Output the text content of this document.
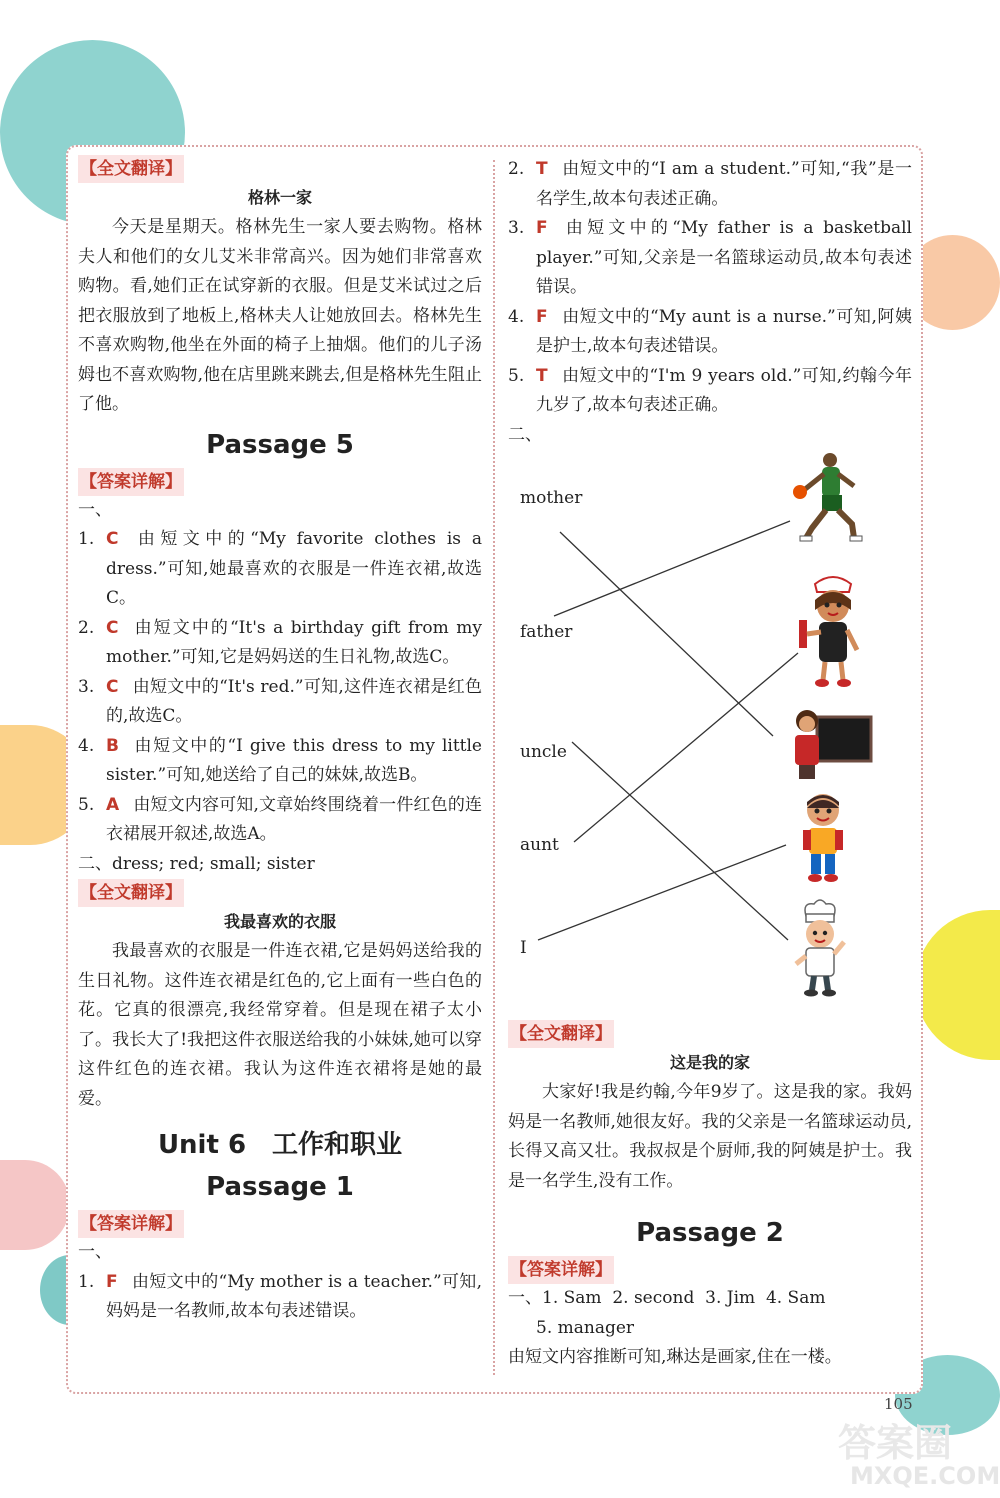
【全文翻译】
格林一家

今天是星期天。格林先生一家人要去购物。格林夫人和他们的女儿艾米非常高兴。因为她们非常喜欢购物。看,她们正在试穿新的衣服。但是艾米试过之后把衣服放到了地板上,格林夫人让她放回去。格林先生不喜欢购物,他坐在外面的椅子上抽烟。他们的儿子汤姆也不喜欢购物,他在店里跳来跳去,但是格林先生阻止了他。

Passage 5
【答案详解】

一、

1. C 由短文中的“My favorite clothes is a dress.”可知,她最喜欢的衣服是一件连衣裙,故选C。

2. C 由短文中的“It's a birthday gift from my mother.”可知,它是妈妈送的生日礼物,故选C。

3. C 由短文中的“It's red.”可知,这件连衣裙是红色的,故选C。

4. B 由短文中的“I give this dress to my little sister.”可知,她送给了自己的妹妹,故选B。

5. A 由短文内容可知,文章始终围绕着一件红色的连衣裙展开叙述,故选A。

二、dress; red; small; sister

【全文翻译】
我最喜欢的衣服

我最喜欢的衣服是一件连衣裙,它是妈妈送给我的生日礼物。这件连衣裙是红色的,它上面有一些白色的花。它真的很漂亮,我经常穿着。但是现在裙子太小了。我长大了!我把这件衣服送给我的小妹妹,她可以穿这件红色的连衣裙。我认为这件连衣裙将是她的最爱。

Unit 6 工作和职业
Passage 1
【答案详解】

一、

1. F 由短文中的“My mother is a teacher.”可知,妈妈是一名教师,故本句表述错误。

2. T 由短文中的“I am a student.”可知,“我”是一名学生,故本句表述正确。

3. F 由短文中的“My father is a basketball player.”可知,父亲是一名篮球运动员,故本句表述错误。

4. F 由短文中的“My aunt is a nurse.”可知,阿姨是护士,故本句表述错误。

5. T 由短文中的“I'm 9 years old.”可知,约翰今年九岁了,故本句表述正确。

二、

mother
father
uncle
aunt
I
【全文翻译】
这是我的家

大家好!我是约翰,今年9岁了。这是我的家。我妈妈是一名教师,她很友好。我的父亲是一名篮球运动员,长得又高又壮。我叔叔是个厨师,我的阿姨是护士。我是一名学生,没有工作。

Passage 2
【答案详解】

一、1. Sam  2. second  3. Jim  4. Sam

5. manager

由短文内容推断可知,琳达是画家,住在一楼。

105
答案圈
MXQE.COM
